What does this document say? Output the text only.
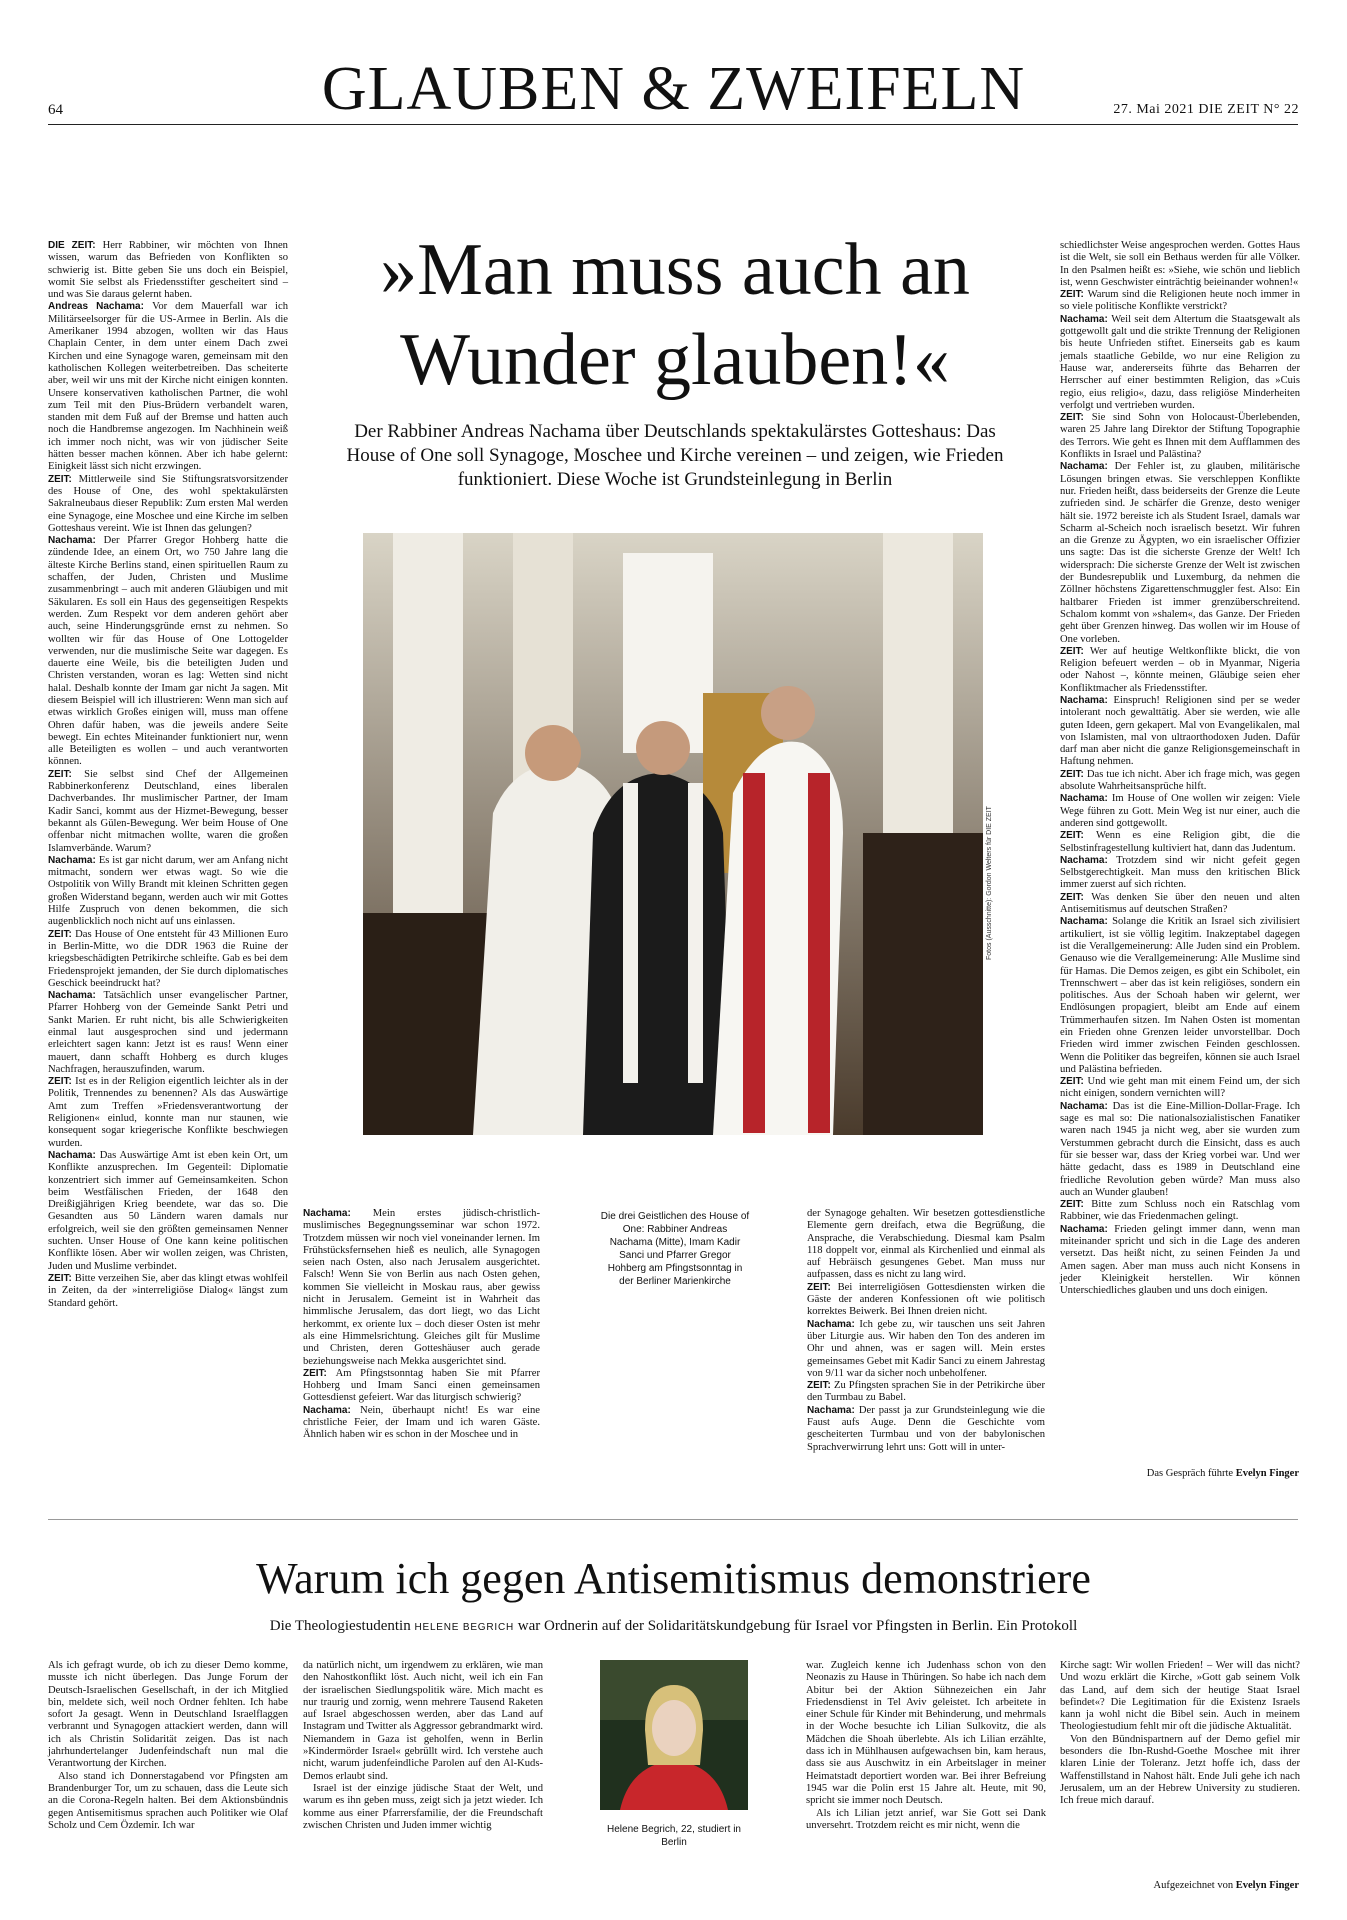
64	GLAUBEN & ZWEIFELN	27. Mai 2021 DIE ZEIT N° 22
»Man muss auch an Wunder glauben!«
Der Rabbiner Andreas Nachama über Deutschlands spektakulärstes Gotteshaus: Das House of One soll Synagoge, Moschee und Kirche vereinen – und zeigen, wie Frieden funktioniert. Diese Woche ist Grundsteinlegung in Berlin
Fotos (Ausschnitte): Gordon Welters für DIE ZEIT
Die drei Geistlichen des House of One: Rabbiner Andreas Nachama (Mitte), Imam Kadir Sanci und Pfarrer Gregor Hohberg am Pfingstsonntag in der Berliner Marienkirche

DIE ZEIT: Herr Rabbiner, wir möchten von Ihnen wissen, warum das Befrieden von Konflikten so schwierig ist. Bitte geben Sie uns doch ein Beispiel, womit Sie selbst als Friedensstifter gescheitert sind – und was Sie daraus gelernt haben.

Andreas Nachama: Vor dem Mauerfall war ich Militärseelsorger für die US-Armee in Berlin. Als die Amerikaner 1994 abzogen, wollten wir das Haus Chaplain Center, in dem unter einem Dach zwei Kirchen und eine Synagoge waren, gemeinsam mit den katholischen Kollegen weiterbetreiben. Das scheiterte aber, weil wir uns mit der Kirche nicht einigen konnten. Unsere konservativen katholischen Partner, die wohl zum Teil mit den Pius-Brüdern verbandelt waren, standen mit dem Fuß auf der Bremse und hatten auch noch die Handbremse angezogen. Im Nachhinein weiß ich immer noch nicht, was wir von jüdischer Seite hätten besser machen können. Aber ich habe gelernt: Einigkeit lässt sich nicht erzwingen.

ZEIT: Mittlerweile sind Sie Stiftungsratsvorsitzender des House of One, des wohl spektakulärsten Sakralneubaus dieser Republik: Zum ersten Mal werden eine Synagoge, eine Moschee und eine Kirche im selben Gotteshaus vereint. Wie ist Ihnen das gelungen?

Nachama: Der Pfarrer Gregor Hohberg hatte die zündende Idee, an einem Ort, wo 750 Jahre lang die älteste Kirche Berlins stand, einen spirituellen Raum zu schaffen, der Juden, Christen und Muslime zusammenbringt – auch mit anderen Gläubigen und mit Säkularen. Es soll ein Haus des gegenseitigen Respekts werden. Zum Respekt vor dem anderen gehört aber auch, seine Hinderungsgründe ernst zu nehmen. So wollten wir für das House of One Lottogelder verwenden, nur die muslimische Seite war dagegen. Es dauerte eine Weile, bis die beteiligten Juden und Christen verstanden, woran es lag: Wetten sind nicht halal. Deshalb konnte der Imam gar nicht Ja sagen. Mit diesem Beispiel will ich illustrieren: Wenn man sich auf etwas wirklich Großes einigen will, muss man offene Ohren dafür haben, was die jeweils andere Seite bewegt. Ein echtes Miteinander funktioniert nur, wenn alle Beteiligten es wollen – und auch verantworten können.

ZEIT: Sie selbst sind Chef der Allgemeinen Rabbinerkonferenz Deutschland, eines liberalen Dachverbandes. Ihr muslimischer Partner, der Imam Kadir Sanci, kommt aus der Hizmet-Bewegung, besser bekannt als Gülen-Bewegung. Wer beim House of One offenbar nicht mitmachen wollte, waren die großen Islamverbände. Warum?

Nachama: Es ist gar nicht darum, wer am Anfang nicht mitmacht, sondern wer etwas wagt. So wie die Ostpolitik von Willy Brandt mit kleinen Schritten gegen großen Widerstand begann, werden auch wir mit Gottes Hilfe Zuspruch von denen bekommen, die sich augenblicklich noch nicht auf uns einlassen.

ZEIT: Das House of One entsteht für 43 Millionen Euro in Berlin-Mitte, wo die DDR 1963 die Ruine der kriegsbeschädigten Petrikirche schleifte. Gab es bei dem Friedensprojekt jemanden, der Sie durch diplomatisches Geschick beeindruckt hat?

Nachama: Tatsächlich unser evangelischer Partner, Pfarrer Hohberg von der Gemeinde Sankt Petri und Sankt Marien. Er ruht nicht, bis alle Schwierigkeiten einmal laut ausgesprochen sind und jedermann erleichtert sagen kann: Jetzt ist es raus! Wenn einer mauert, dann schafft Hohberg es durch kluges Nachfragen, herauszufinden, warum.

ZEIT: Ist es in der Religion eigentlich leichter als in der Politik, Trennendes zu benennen? Als das Auswärtige Amt zum Treffen »Friedensverantwortung der Religionen« einlud, konnte man nur staunen, wie konsequent sogar kriegerische Konflikte beschwiegen wurden.

Nachama: Das Auswärtige Amt ist eben kein Ort, um Konflikte anzusprechen. Im Gegenteil: Diplomatie konzentriert sich immer auf Gemeinsamkeiten. Schon beim Westfälischen Frieden, der 1648 den Dreißigjährigen Krieg beendete, war das so. Die Gesandten aus 50 Ländern waren damals nur erfolgreich, weil sie den größten gemeinsamen Nenner suchten. Unser House of One kann keine politischen Konflikte lösen. Aber wir wollen zeigen, was Christen, Juden und Muslime verbindet.

ZEIT: Bitte verzeihen Sie, aber das klingt etwas wohlfeil in Zeiten, da der »interreligiöse Dialog« längst zum Standard gehört.

Nachama: Mein erstes jüdisch-christlich-muslimisches Begegnungsseminar war schon 1972. Trotzdem müssen wir noch viel voneinander lernen. Im Frühstücksfernsehen hieß es neulich, alle Synagogen seien nach Osten, also nach Jerusalem ausgerichtet. Falsch! Wenn Sie von Berlin aus nach Osten gehen, kommen Sie vielleicht in Moskau raus, aber gewiss nicht in Jerusalem. Gemeint ist in Wahrheit das himmlische Jerusalem, das dort liegt, wo das Licht herkommt, ex oriente lux – doch dieser Osten ist mehr als eine Himmelsrichtung. Gleiches gilt für Muslime und Christen, deren Gotteshäuser auch gerade beziehungsweise nach Mekka ausgerichtet sind.

ZEIT: Am Pfingstsonntag haben Sie mit Pfarrer Hohberg und Imam Sanci einen gemeinsamen Gottesdienst gefeiert. War das liturgisch schwierig?

Nachama: Nein, überhaupt nicht! Es war eine christliche Feier, der Imam und ich waren Gäste. Ähnlich haben wir es schon in der Moschee und in

der Synagoge gehalten. Wir besetzen gottesdienstliche Elemente gern dreifach, etwa die Begrüßung, die Ansprache, die Verabschiedung. Diesmal kam Psalm 118 doppelt vor, einmal als Kirchenlied und einmal als auf Hebräisch gesungenes Gebet. Man muss nur aufpassen, dass es nicht zu lang wird.

ZEIT: Bei interreligiösen Gottesdiensten wirken die Gäste der anderen Konfessionen oft wie politisch korrektes Beiwerk. Bei Ihnen dreien nicht.

Nachama: Ich gebe zu, wir tauschen uns seit Jahren über Liturgie aus. Wir haben den Ton des anderen im Ohr und ahnen, was er sagen will. Mein erstes gemeinsames Gebet mit Kadir Sanci zu einem Jahrestag von 9/11 war da sicher noch unbeholfener.

ZEIT: Zu Pfingsten sprachen Sie in der Petrikirche über den Turmbau zu Babel.

Nachama: Der passt ja zur Grundsteinlegung wie die Faust aufs Auge. Denn die Geschichte vom gescheiterten Turmbau und von der babylonischen Sprachverwirrung lehrt uns: Gott will in unter-

schiedlichster Weise angesprochen werden. Gottes Haus ist die Welt, sie soll ein Bethaus werden für alle Völker. In den Psalmen heißt es: »Siehe, wie schön und lieblich ist, wenn Geschwister einträchtig beieinander wohnen!«

ZEIT: Warum sind die Religionen heute noch immer in so viele politische Konflikte verstrickt?

Nachama: Weil seit dem Altertum die Staatsgewalt als gottgewollt galt und die strikte Trennung der Religionen bis heute Unfrieden stiftet. Einerseits gab es kaum jemals staatliche Gebilde, wo nur eine Religion zu Hause war, andererseits führte das Beharren der Herrscher auf einer bestimmten Religion, das »Cuis regio, eius religio«, dazu, dass religiöse Minderheiten verfolgt und vertrieben wurden.

ZEIT: Sie sind Sohn von Holocaust-Überlebenden, waren 25 Jahre lang Direktor der Stiftung Topographie des Terrors. Wie geht es Ihnen mit dem Aufflammen des Konflikts in Israel und Palästina?

Nachama: Der Fehler ist, zu glauben, militärische Lösungen bringen etwas. Sie verschleppen Konflikte nur. Frieden heißt, dass beiderseits der Grenze die Leute zufrieden sind. Je schärfer die Grenze, desto weniger hält sie. 1972 bereiste ich als Student Israel, damals war Scharm al-Scheich noch israelisch besetzt. Wir fuhren an die Grenze zu Ägypten, wo ein israelischer Offizier uns sagte: Das ist die sicherste Grenze der Welt! Ich widersprach: Die sicherste Grenze der Welt ist zwischen der Bundesrepublik und Luxemburg, da nehmen die Zöllner höchstens Zigarettenschmuggler fest. Also: Ein haltbarer Frieden ist immer grenzüberschreitend. Schalom kommt von »shalem«, das Ganze. Der Frieden geht über Grenzen hinweg. Das wollen wir im House of One vorleben.

ZEIT: Wer auf heutige Weltkonflikte blickt, die von Religion befeuert werden – ob in Myanmar, Nigeria oder Nahost –, könnte meinen, Gläubige seien eher Konfliktmacher als Friedensstifter.

Nachama: Einspruch! Religionen sind per se weder intolerant noch gewalttätig. Aber sie werden, wie alle guten Ideen, gern gekapert. Mal von Evangelikalen, mal von Islamisten, mal von ultraorthodoxen Juden. Dafür darf man aber nicht die ganze Religionsgemeinschaft in Haftung nehmen.

ZEIT: Das tue ich nicht. Aber ich frage mich, was gegen absolute Wahrheitsansprüche hilft.

Nachama: Im House of One wollen wir zeigen: Viele Wege führen zu Gott. Mein Weg ist nur einer, auch die anderen sind gottgewollt.

ZEIT: Wenn es eine Religion gibt, die die Selbstinfragestellung kultiviert hat, dann das Judentum.

Nachama: Trotzdem sind wir nicht gefeit gegen Selbstgerechtigkeit. Man muss den kritischen Blick immer zuerst auf sich richten.

ZEIT: Was denken Sie über den neuen und alten Antisemitismus auf deutschen Straßen?

Nachama: Solange die Kritik an Israel sich zivilisiert artikuliert, ist sie völlig legitim. Inakzeptabel dagegen ist die Verallgemeinerung: Alle Juden sind ein Problem. Genauso wie die Verallgemeinerung: Alle Muslime sind für Hamas. Die Demos zeigen, es gibt ein Schibolet, ein Trennschwert – aber das ist kein religiöses, sondern ein politisches. Aus der Schoah haben wir gelernt, wer Endlösungen propagiert, bleibt am Ende auf einem Trümmerhaufen sitzen. Im Nahen Osten ist momentan ein Frieden ohne Grenzen leider unvorstellbar. Doch Frieden wird immer zwischen Feinden geschlossen. Wenn die Politiker das begreifen, können sie auch Israel und Palästina befrieden.

ZEIT: Und wie geht man mit einem Feind um, der sich nicht einigen, sondern vernichten will?

Nachama: Das ist die Eine-Million-Dollar-Frage. Ich sage es mal so: Die nationalsozialistischen Fanatiker waren nach 1945 ja nicht weg, aber sie wurden zum Verstummen gebracht durch die Einsicht, dass es auch für sie besser war, dass der Krieg vorbei war. Und wer hätte gedacht, dass es 1989 in Deutschland eine friedliche Revolution geben würde? Man muss also auch an Wunder glauben!

ZEIT: Bitte zum Schluss noch ein Ratschlag vom Rabbiner, wie das Friedenmachen gelingt.

Nachama: Frieden gelingt immer dann, wenn man miteinander spricht und sich in die Lage des anderen versetzt. Das heißt nicht, zu seinen Feinden Ja und Amen sagen. Aber man muss auch nicht Konsens in jeder Kleinigkeit herstellen. Wir können Unterschiedliches glauben und uns doch einigen.

Das Gespräch führte Evelyn Finger
Warum ich gegen Antisemitismus demonstriere
Die Theologiestudentin HELENE BEGRICH war Ordnerin auf der Solidaritätskundgebung für Israel vor Pfingsten in Berlin. Ein Protokoll

Als ich gefragt wurde, ob ich zu dieser Demo komme, musste ich nicht überlegen. Das Junge Forum der Deutsch-Israelischen Gesellschaft, in der ich Mitglied bin, meldete sich, weil noch Ordner fehlten. Ich habe sofort Ja gesagt. Wenn in Deutschland Israelflaggen verbrannt und Synagogen attackiert werden, dann will ich als Christin Solidarität zeigen. Das ist nach jahrhundertelanger Judenfeindschaft nun mal die Verantwortung der Kirchen.

Also stand ich Donnerstagabend vor Pfingsten am Brandenburger Tor, um zu schauen, dass die Leute sich an die Corona-Regeln halten. Bei dem Aktionsbündnis gegen Antisemitismus sprachen auch Politiker wie Olaf Scholz und Cem Özdemir. Ich war

da natürlich nicht, um irgendwem zu erklären, wie man den Nahostkonflikt löst. Auch nicht, weil ich ein Fan der israelischen Siedlungspolitik wäre. Mich macht es nur traurig und zornig, wenn mehrere Tausend Raketen auf Israel abgeschossen werden, aber das Land auf Instagram und Twitter als Aggressor gebrandmarkt wird. Niemandem in Gaza ist geholfen, wenn in Berlin »Kindermörder Israel« gebrüllt wird. Ich verstehe auch nicht, warum judenfeindliche Parolen auf den Al-Kuds-Demos erlaubt sind.

Israel ist der einzige jüdische Staat der Welt, und warum es ihn geben muss, zeigt sich ja jetzt wieder. Ich komme aus einer Pfarrersfamilie, der die Freundschaft zwischen Christen und Juden immer wichtig	Helene Begrich, 22, studiert in Berlin

war. Zugleich kenne ich Judenhass schon von den Neonazis zu Hause in Thüringen. So habe ich nach dem Abitur bei der Aktion Sühnezeichen ein Jahr Friedensdienst in Tel Aviv geleistet. Ich arbeitete in einer Schule für Kinder mit Behinderung, und mehrmals in der Woche besuchte ich Lilian Sulkovitz, die als Mädchen die Shoah überlebte. Als ich Lilian erzählte, dass ich in Mühlhausen aufgewachsen bin, kam heraus, dass sie aus Auschwitz in ein Arbeitslager in meiner Heimatstadt deportiert worden war. Bei ihrer Befreiung 1945 war die Polin erst 15 Jahre alt. Heute, mit 90, spricht sie immer noch Deutsch.

Als ich Lilian jetzt anrief, war Sie Gott sei Dank unversehrt. Trotzdem reicht es mir nicht, wenn die

Kirche sagt: Wir wollen Frieden! – Wer will das nicht? Und wozu erklärt die Kirche, »Gott gab seinem Volk das Land, auf dem sich der heutige Staat Israel befindet«? Die Legitimation für die Existenz Israels kann ja wohl nicht die Bibel sein. Auch in meinem Theologiestudium fehlt mir oft die jüdische Aktualität.

Von den Bündnispartnern auf der Demo gefiel mir besonders die Ibn-Rushd-Goethe Moschee mit ihrer klaren Linie der Toleranz. Jetzt hoffe ich, dass der Waffenstillstand in Nahost hält. Ende Juli gehe ich nach Jerusalem, um an der Hebrew University zu studieren. Ich freue mich darauf.

Aufgezeichnet von Evelyn Finger
